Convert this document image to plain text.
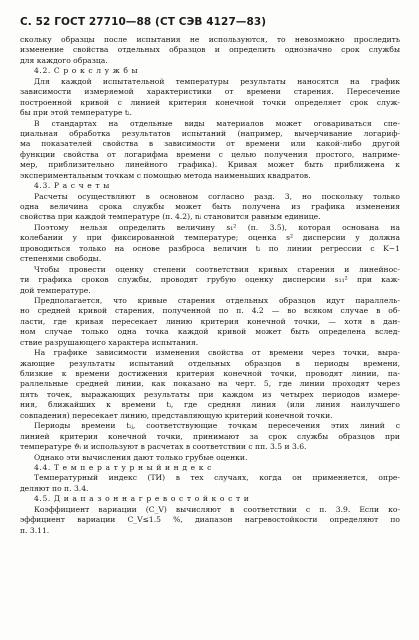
С. 52 ГОСТ 27710—88 (СТ СЭВ 4127—83)
скольку образцы после испытания не используются, то невозможно проследить
изменение свойства отдельных образцов и определить однозначно срок службы
для каждого образца.
4.2. С р о к с л у ж б ы
Для каждой испытательной температуры результаты наносятся на график
зависимости измеряемой характеристики от времени старения. Пересечение
построенной кривой с линией критерия конечной точки определяет срок служ-
бы при этой температуре tᵢ.
В стандартах на отдельные виды материалов может оговариваться спе-
циальная обработка результатов испытаний (например, вычерчивание логариф-
ма показателей свойства в зависимости от времени или какой-либо другой
функции свойства от логарифма времени с целью получения простого, наприме-
мер, приблизительно линейного графика). Кривая может быть приближена к
экспериментальным точкам с помощью метода наименьших квадратов.
4.3. Р а с ч е т ы
Расчеты осуществляют в основном согласно разд. 3, но поскольку только
одна величина срока службы может быть получена из графика изменения
свойства при каждой температуре (п. 4.2), nᵢ становится равным единице.
Поэтому нельзя определить величину s₁² (п. 3.5), которая основана на
колебании y при фиксированной температуре; оценка s² дисперсии y должна
проводиться только на основе разброса величин tᵢ по линии регрессии с K−1
степенями свободы.
Чтобы провести оценку степени соответствия кривых старения и линейнос-
ти графика сроков службы, проводят грубую оценку дисперсии s₁₁² при каж-
дой температуре.
Предполагается, что кривые старения отдельных образцов идут параллель-
но средней кривой старения, полученной по п. 4.2 — во всяком случае в об-
ласти, где кривая пересекает линию критерия конечной точки, — хотя в дан-
ном случае только одна точка каждой кривой может быть определена вслед-
ствие разрушающего характера испытания.
На графике зависимости изменения свойства от времени через точки, выра-
жающие результаты испытаний отдельных образцов в периоды времени,
близкие к времени достижения критерия конечной точки, проводят линии, па-
раллельные средней линии, как показано на черт. 5, где линии проходят через
пять точек, выражающих результаты при каждом из четырех периодов измере-
ния, ближайших к времени tᵢ, где средняя линия (или линия наилучшего
совпадения) пересекает линию, представляющую критерий конечной точки.
Периоды времени tᵢⱼ, соответствующие точкам пересечения этих линий с
линией критерия конечной точки, принимают за срок службы образцов при
температуре ϑᵢ и используют в расчетах в соответствии с пп. 3.5 и 3.6.
Однако эти вычисления дают только грубые оценки.
4.4. Т е м п е р а т у р н ы й и н д е к с
Температурный индекс (ТИ) в тех случаях, когда он применяется, опре-
деляют по п. 3.4.
4.5. Д и а п а з о н н а г р е в о с т о й к о с т и
Коэффициент вариации (C_V) вычисляют в соответствии с п. 3.9. Если ко-
эффициент вариации C_V≤1.5 %, диапазон нагревостойкости определяют по
п. 3.11.
